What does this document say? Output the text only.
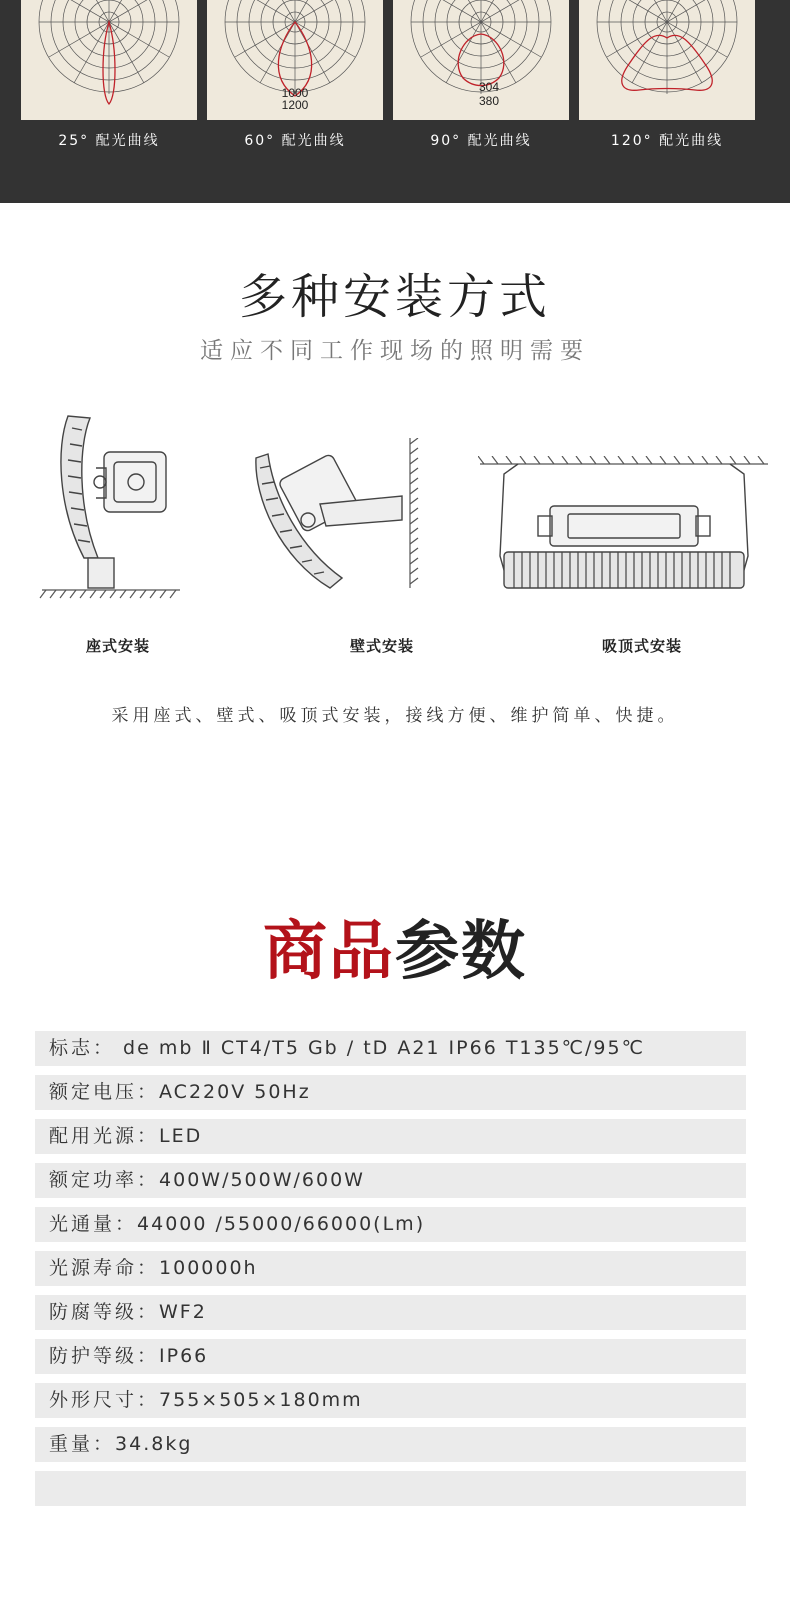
25° 配光曲线
1000
1200
60° 配光曲线
304
380
90° 配光曲线	120° 配光曲线
多种安装方式
适应不同工作现场的照明需要
座式安装	壁式安装	吸顶式安装
采用座式、壁式、吸顶式安装，接线方便、维护简单、快捷。
商品参数
标志： de mb Ⅱ CT4/T5 Gb / tD A21 IP66 T135℃/95℃
额定电压：AC220V 50Hz
配用光源：LED
额定功率：400W/500W/600W
光通量：44000 /55000/66000(Lm)
光源寿命：100000h
防腐等级：WF2
防护等级：IP66
外形尺寸：755×505×180mm
重量：34.8kg
